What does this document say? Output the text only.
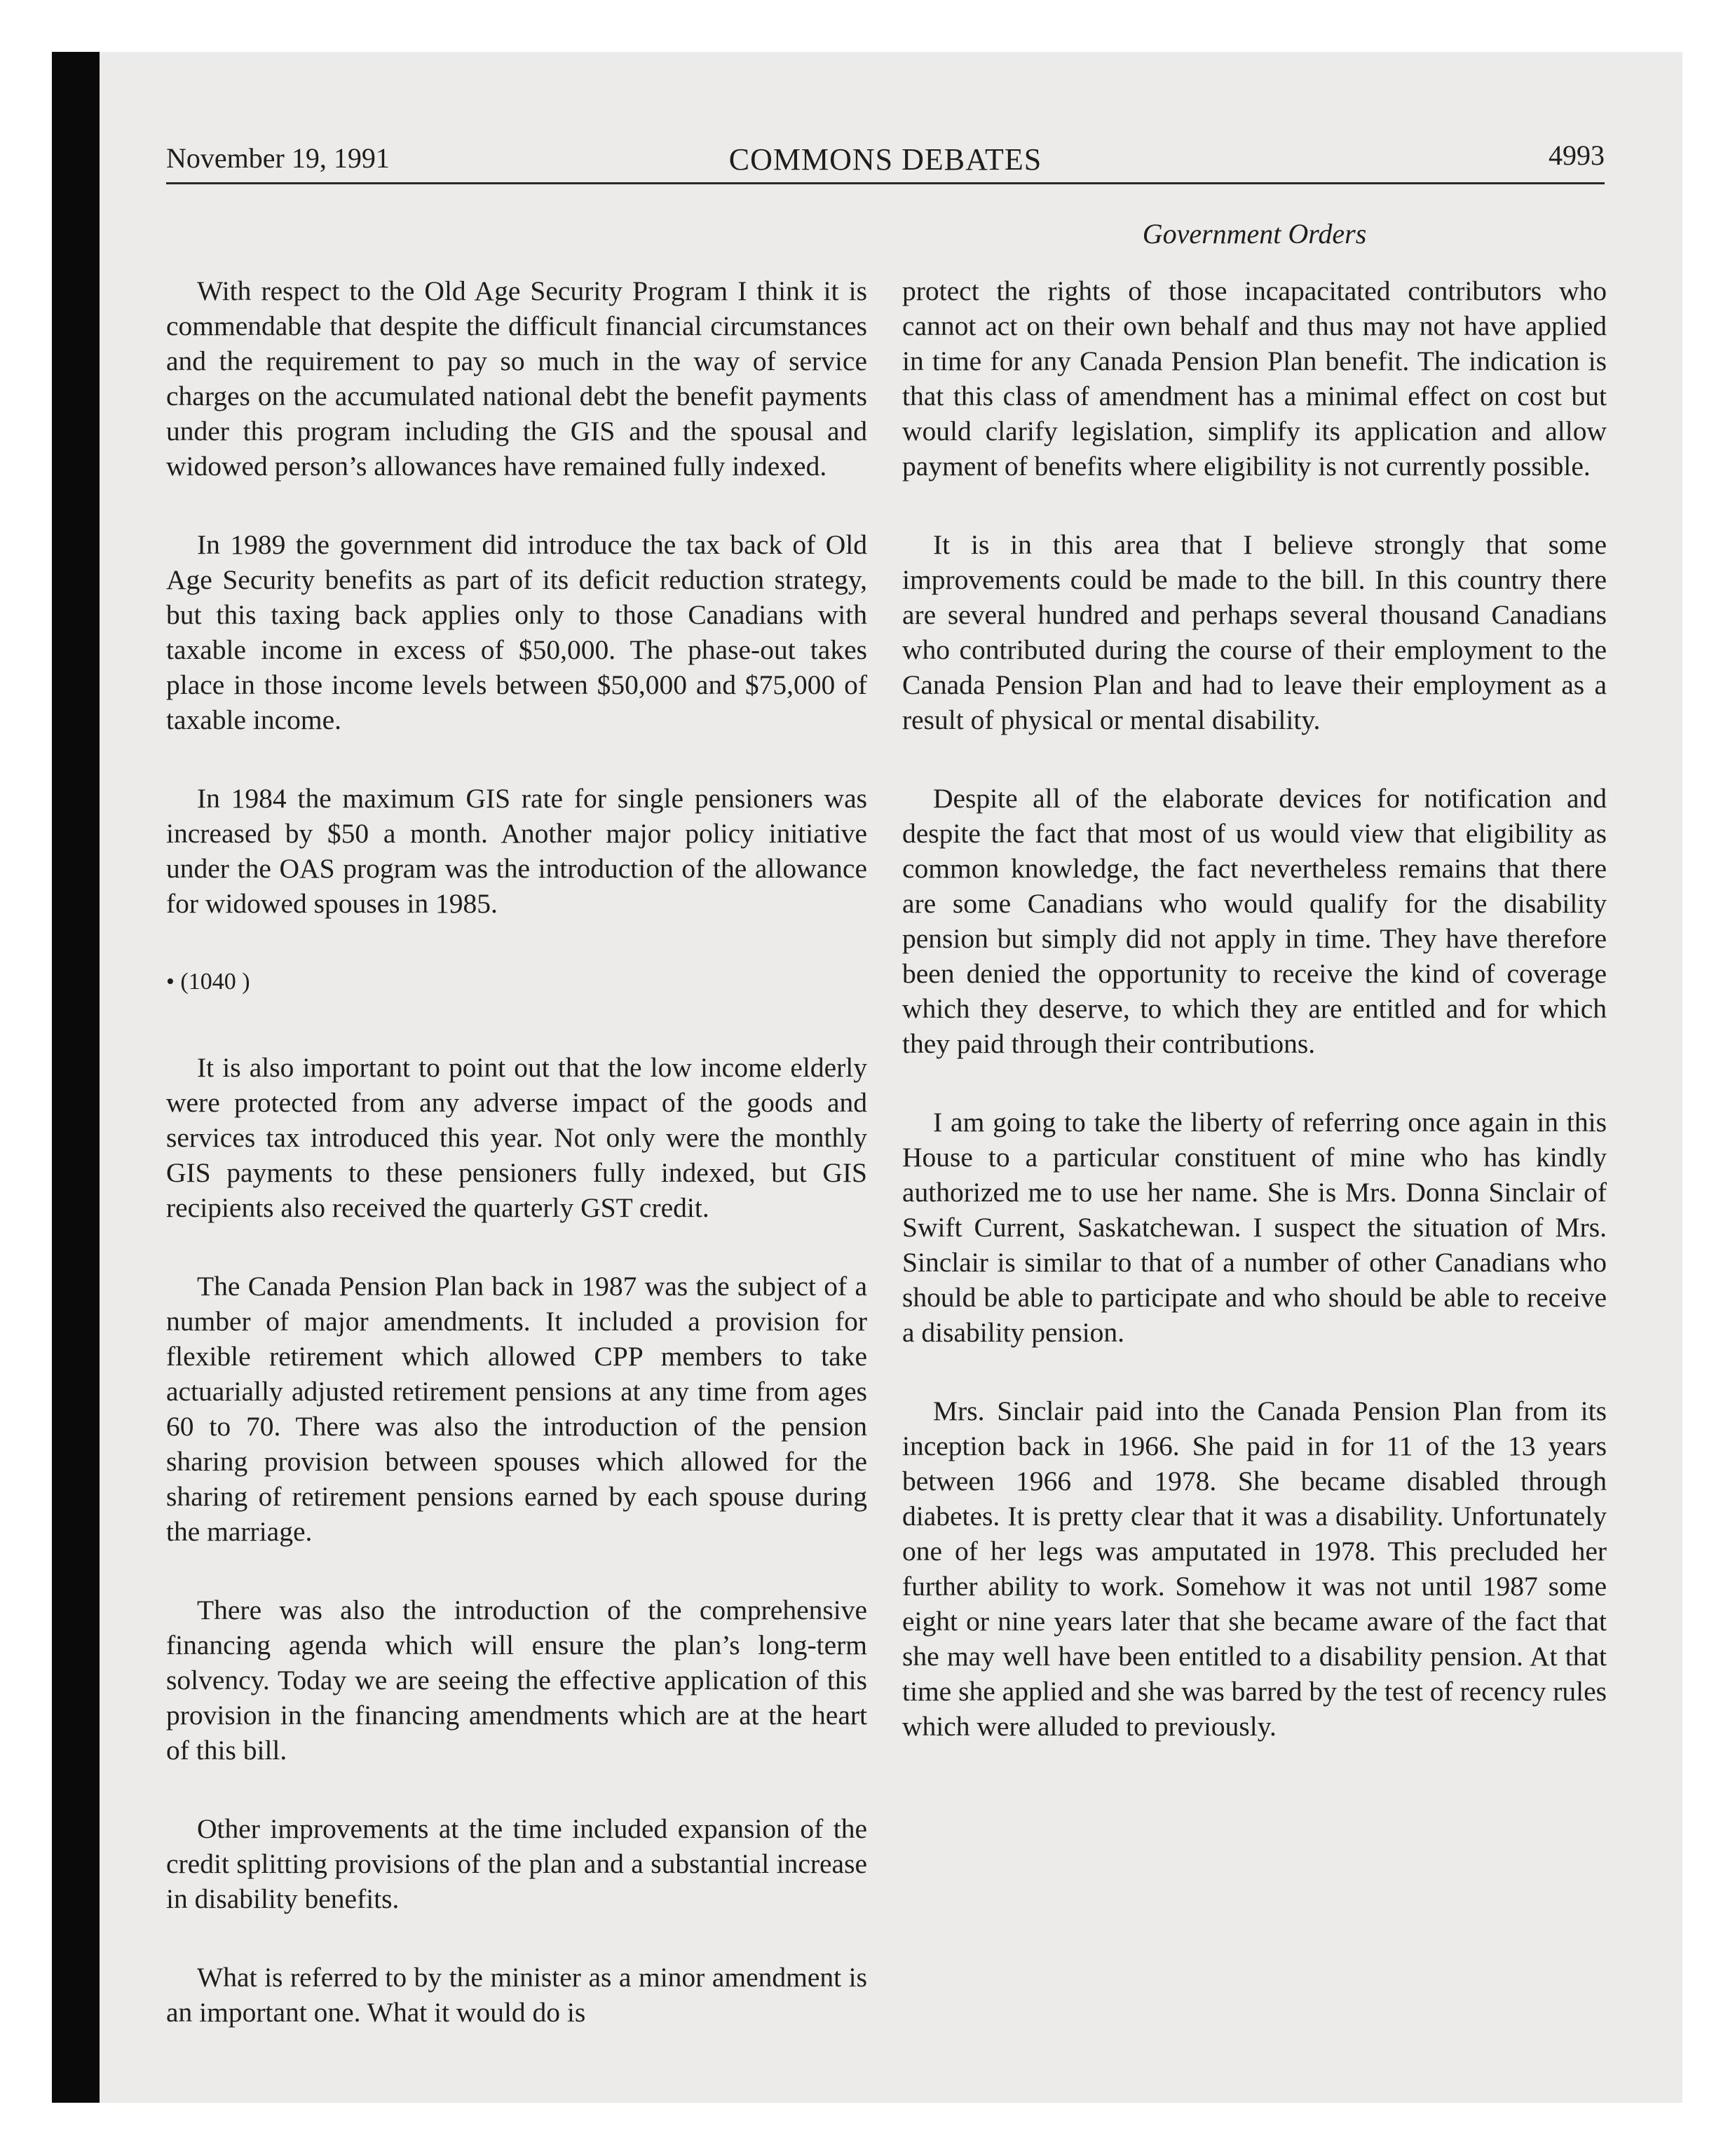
November 19, 1991	COMMONS DEBATES	4993
Government Orders

With respect to the Old Age Security Program I think it is commendable that despite the difficult financial circumstances and the requirement to pay so much in the way of service charges on the accumulated national debt the benefit payments under this program including the GIS and the spousal and widowed person’s allowances have remained fully indexed.

In 1989 the government did introduce the tax back of Old Age Security benefits as part of its deficit reduction strategy, but this taxing back applies only to those Canadians with taxable income in excess of $50,000. The phase-out takes place in those income levels between $50,000 and $75,000 of taxable income.

In 1984 the maximum GIS rate for single pensioners was increased by $50 a month. Another major policy initiative under the OAS program was the introduction of the allowance for widowed spouses in 1985.

• (1040 )

It is also important to point out that the low income elderly were protected from any adverse impact of the goods and services tax introduced this year. Not only were the monthly GIS payments to these pensioners fully indexed, but GIS recipients also received the quarterly GST credit.

The Canada Pension Plan back in 1987 was the subject of a number of major amendments. It included a provision for flexible retirement which allowed CPP members to take actuarially adjusted retirement pensions at any time from ages 60 to 70. There was also the introduction of the pension sharing provision between spouses which allowed for the sharing of retirement pensions earned by each spouse during the marriage.

There was also the introduction of the comprehensive financing agenda which will ensure the plan’s long-term solvency. Today we are seeing the effective application of this provision in the financing amendments which are at the heart of this bill.

Other improvements at the time included expansion of the credit splitting provisions of the plan and a substantial increase in disability benefits.

What is referred to by the minister as a minor amendment is an important one. What it would do is

protect the rights of those incapacitated contributors who cannot act on their own behalf and thus may not have applied in time for any Canada Pension Plan benefit. The indication is that this class of amendment has a minimal effect on cost but would clarify legislation, simplify its application and allow payment of benefits where eligibility is not currently possible.

It is in this area that I believe strongly that some improvements could be made to the bill. In this country there are several hundred and perhaps several thousand Canadians who contributed during the course of their employment to the Canada Pension Plan and had to leave their employment as a result of physical or mental disability.

Despite all of the elaborate devices for notification and despite the fact that most of us would view that eligibility as common knowledge, the fact nevertheless remains that there are some Canadians who would qualify for the disability pension but simply did not apply in time. They have therefore been denied the opportunity to receive the kind of coverage which they deserve, to which they are entitled and for which they paid through their contributions.

I am going to take the liberty of referring once again in this House to a particular constituent of mine who has kindly authorized me to use her name. She is Mrs. Donna Sinclair of Swift Current, Saskatchewan. I suspect the situation of Mrs. Sinclair is similar to that of a number of other Canadians who should be able to participate and who should be able to receive a disability pension.

Mrs. Sinclair paid into the Canada Pension Plan from its inception back in 1966. She paid in for 11 of the 13 years between 1966 and 1978. She became disabled through diabetes. It is pretty clear that it was a disability. Unfortunately one of her legs was amputated in 1978. This precluded her further ability to work. Somehow it was not until 1987 some eight or nine years later that she became aware of the fact that she may well have been entitled to a disability pension. At that time she applied and she was barred by the test of recency rules which were alluded to previously.
